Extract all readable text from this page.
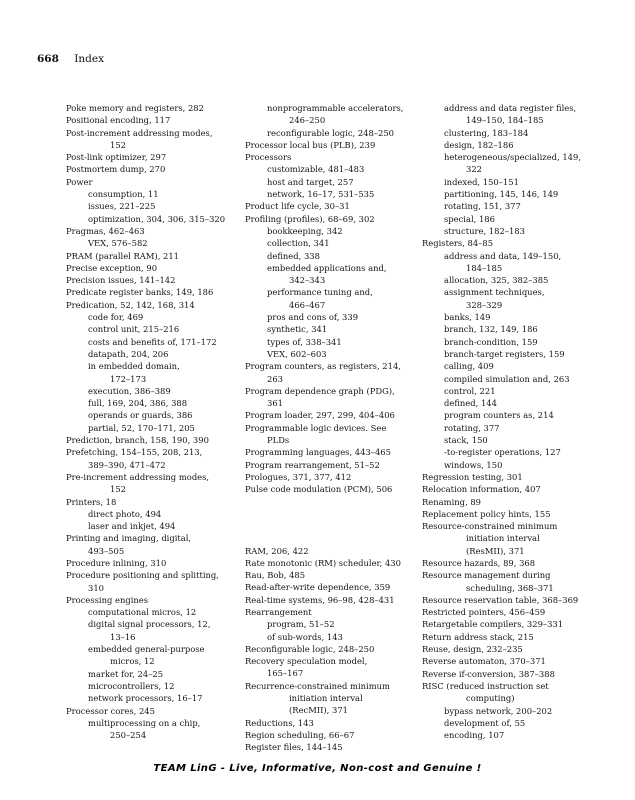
668 Index
Poke memory and registers, 282
Positional encoding, 117
Post-increment addressing modes,
152
Post-link optimizer, 297
Postmortem dump, 270
Power
consumption, 11
issues, 221–225
optimization, 304, 306, 315–320
Pragmas, 462–463
VEX, 576–582
PRAM (parallel RAM), 211
Precise exception, 90
Precision issues, 141–142
Predicate register banks, 149, 186
Predication, 52, 142, 168, 314
code for, 469
control unit, 215–216
costs and benefits of, 171–172
datapath, 204, 206
in embedded domain,
172–173
execution, 386–389
full, 169, 204, 386, 388
operands or guards, 386
partial, 52, 170–171, 205
Prediction, branch, 158, 190, 390
Prefetching, 154–155, 208, 213,
389–390, 471–472
Pre-increment addressing modes,
152
Printers, 18
direct photo, 494
laser and inkjet, 494
Printing and imaging, digital,
493–505
Procedure inlining, 310
Procedure positioning and splitting,
310
Processing engines
computational micros, 12
digital signal processors, 12,
13–16
embedded general-purpose
micros, 12
market for, 24–25
microcontrollers, 12
network processors, 16–17
Processor cores, 245
multiprocessing on a chip,
250–254
nonprogrammable accelerators,
246–250
reconfigurable logic, 248–250
Processor local bus (PLB), 239
Processors
customizable, 481–483
host and target, 257
network, 16–17, 531–535
Product life cycle, 30–31
Profiling (profiles), 68–69, 302
bookkeeping, 342
collection, 341
defined, 338
embedded applications and,
342–343
performance tuning and,
466–467
pros and cons of, 339
synthetic, 341
types of, 338–341
VEX, 602–603
Program counters, as registers, 214,
263
Program dependence graph (PDG),
361
Program loader, 297, 299, 404–406
Programmable logic devices. See
PLDs
Programming languages, 443–465
Program rearrangement, 51–52
Prologues, 371, 377, 412
Pulse code modulation (PCM), 506
RAM, 206, 422
Rate monotonic (RM) scheduler, 430
Rau, Bob, 485
Read-after-write dependence, 359
Real-time systems, 96–98, 428–431
Rearrangement
program, 51–52
of sub-words, 143
Reconfigurable logic, 248–250
Recovery speculation model,
165–167
Recurrence-constrained minimum
initiation interval
(RecMII), 371
Reductions, 143
Region scheduling, 66–67
Register files, 144–145
address and data register files,
149–150, 184–185
clustering, 183–184
design, 182–186
heterogeneous/specialized, 149,
322
indexed, 150–151
partitioning, 145, 146, 149
rotating, 151, 377
special, 186
structure, 182–183
Registers, 84–85
address and data, 149–150,
184–185
allocation, 325, 382–385
assignment techniques,
328–329
banks, 149
branch, 132, 149, 186
branch-condition, 159
branch-target registers, 159
calling, 409
compiled simulation and, 263
control, 221
defined, 144
program counters as, 214
rotating, 377
stack, 150
-to-register operations, 127
windows, 150
Regression testing, 301
Relocation information, 407
Renaming, 89
Replacement policy hints, 155
Resource-constrained minimum
initiation interval
(ResMII), 371
Resource hazards, 89, 368
Resource management during
scheduling, 368–371
Resource reservation table, 368–369
Restricted pointers, 456–459
Retargetable compilers, 329–331
Return address stack, 215
Reuse, design, 232–235
Reverse automaton, 370–371
Reverse if-conversion, 387–388
RISC (reduced instruction set
computing)
bypass network, 200–202
development of, 55
encoding, 107
TEAM LinG - Live, Informative, Non-cost and Genuine !
